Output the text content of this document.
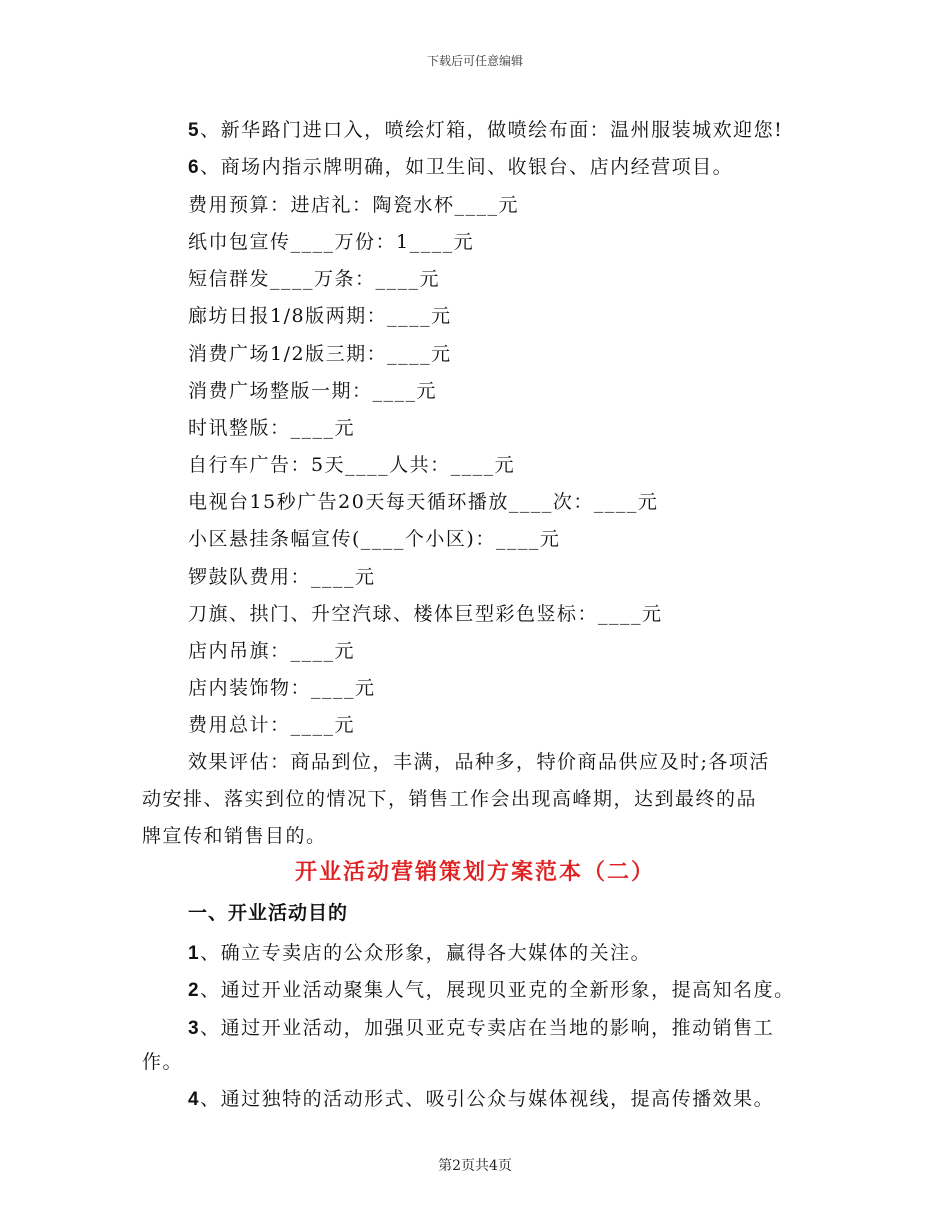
下载后可任意编辑
5、新华路门进口入，喷绘灯箱，做喷绘布面：温州服装城欢迎您!
6、商场内指示牌明确，如卫生间、收银台、店内经营项目。
费用预算：进店礼：陶瓷水杯____元
纸巾包宣传____万份：1____元
短信群发____万条：____元
廊坊日报1/8版两期：____元
消费广场1/2版三期：____元
消费广场整版一期：____元
时讯整版：____元
自行车广告：5天____人共：____元
电视台15秒广告20天每天循环播放____次：____元
小区悬挂条幅宣传(____个小区)：____元
锣鼓队费用：____元
刀旗、拱门、升空汽球、楼体巨型彩色竖标：____元
店内吊旗：____元
店内装饰物：____元
费用总计：____元
效果评估：商品到位，丰满，品种多，特价商品供应及时;各项活
动安排、落实到位的情况下，销售工作会出现高峰期，达到最终的品
牌宣传和销售目的。
开业活动营销策划方案范本（二）
一、开业活动目的
1、确立专卖店的公众形象，赢得各大媒体的关注。
2、通过开业活动聚集人气，展现贝亚克的全新形象，提高知名度。
3、通过开业活动，加强贝亚克专卖店在当地的影响，推动销售工
作。
4、通过独特的活动形式、吸引公众与媒体视线，提高传播效果。
第2页共4页
